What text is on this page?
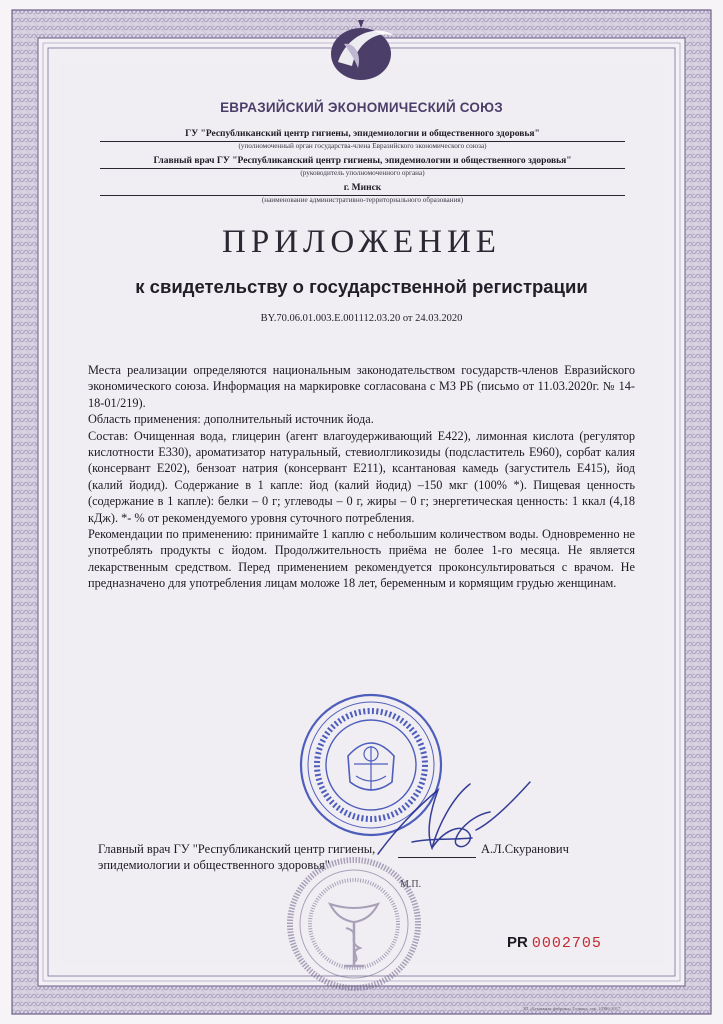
ЕВРАЗИЙСКИЙ ЭКОНОМИЧЕСКИЙ СОЮЗ
ГУ "Республиканский центр гигиены, эпидемиологии и общественного здоровья"
(уполномоченный орган государства-члена Евразийского экономического союза)
Главный врач ГУ "Республиканский центр гигиены, эпидемиологии и общественного здоровья"
(руководитель уполномоченного органа)
г. Минск
(наименование административно-территориального образования)
ПРИЛОЖЕНИЕ
к свидетельству о государственной регистрации
BY.70.06.01.003.E.001112.03.20 от 24.03.2020

Места реализации определяются национальным законодательством государств-членов Евразийского экономического союза. Информация на маркировке согласована с МЗ РБ (письмо от 11.03.2020г. № 14-18-01/219).

Область применения: дополнительный источник йода.

Состав: Очищенная вода, глицерин (агент влагоудерживающий E422), лимонная кислота (регулятор кислотности E330), ароматизатор натуральный, стевиолгликозиды (подсластитель E960), сорбат калия (консервант E202), бензоат натрия (консервант E211), ксантановая камедь (загуститель E415), йод (калий йодид). Содержание в 1 капле: йод (калий йодид) –150 мкг (100% *). Пищевая ценность (содержание в 1 капле): белки – 0 г; углеводы – 0 г, жиры – 0 г; энергетическая ценность: 1 ккал (4,18 кДж). *- % от рекомендуемого уровня суточного потребления.

Рекомендации по применению: принимайте 1 каплю с небольшим количеством воды. Одновременно не употреблять продукты с йодом. Продолжительность приёма не более 1-го месяца. Не является лекарственным средством. Перед применением рекомендуется проконсультироваться с врачом. Не предназначено для употребления лицам моложе 18 лет, беременным и кормящим грудью женщинам.

Главный врач ГУ "Республиканский центр гигиены, эпидемиологии и общественного здоровья"
А.Л.Скуранович
М.П.
PR 0002705
ЗП «Бумажная фабрика» Гознака, зак. 10386-2017
